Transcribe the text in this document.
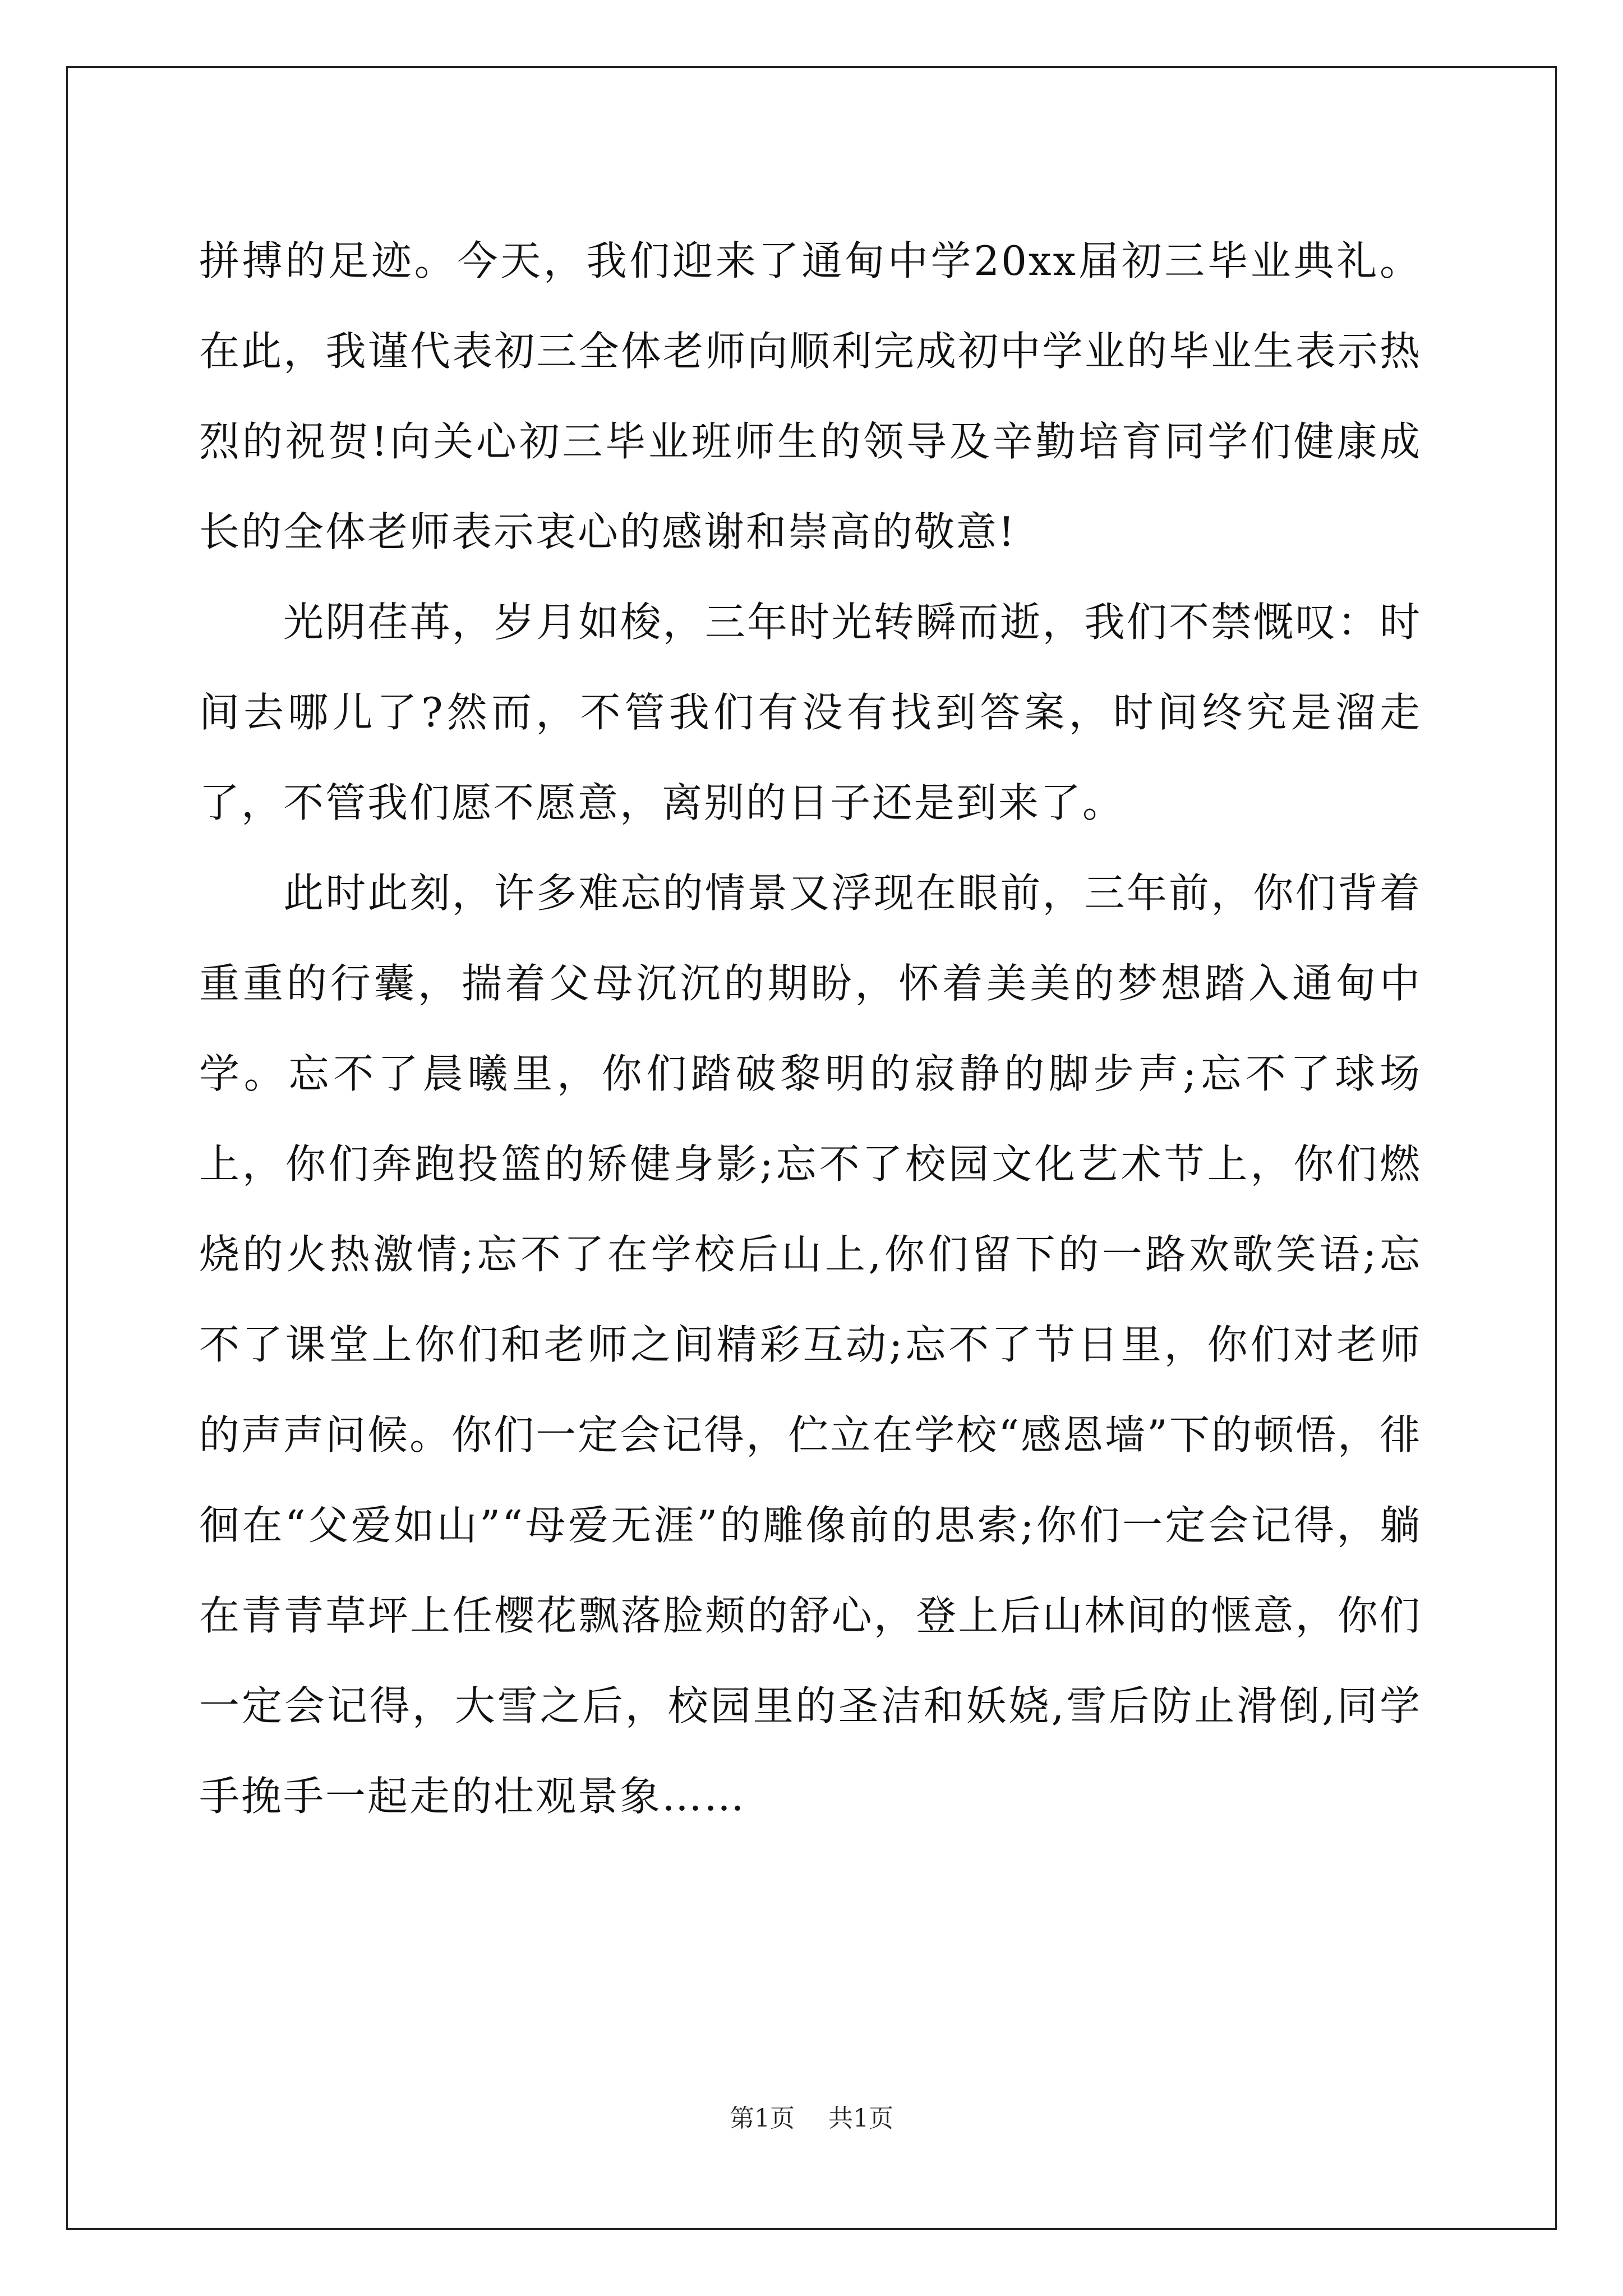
拼搏的足迹。今天，我们迎来了通甸中学20xx届初三毕业典礼。在此，我谨代表初三全体老师向顺利完成初中学业的毕业生表示热烈的祝贺!向关心初三毕业班师生的领导及辛勤培育同学们健康成长的全体老师表示衷心的感谢和崇高的敬意!

光阴荏苒，岁月如梭，三年时光转瞬而逝，我们不禁慨叹：时间去哪儿了?然而，不管我们有没有找到答案，时间终究是溜走了，不管我们愿不愿意，离别的日子还是到来了。

此时此刻，许多难忘的情景又浮现在眼前，三年前，你们背着重重的行囊，揣着父母沉沉的期盼，怀着美美的梦想踏入通甸中学。忘不了晨曦里，你们踏破黎明的寂静的脚步声;忘不了球场上，你们奔跑投篮的矫健身影;忘不了校园文化艺术节上，你们燃烧的火热激情;忘不了在学校后山上,你们留下的一路欢歌笑语;忘不了课堂上你们和老师之间精彩互动;忘不了节日里，你们对老师的声声问候。你们一定会记得，伫立在学校“感恩墙”下的顿悟，徘徊在“父爱如山”“母爱无涯”的雕像前的思索;你们一定会记得，躺在青青草坪上任樱花飘落脸颊的舒心，登上后山林间的惬意，你们一定会记得，大雪之后，校园里的圣洁和妖娆,雪后防止滑倒,同学手挽手一起走的壮观景象……

第1页 共1页
